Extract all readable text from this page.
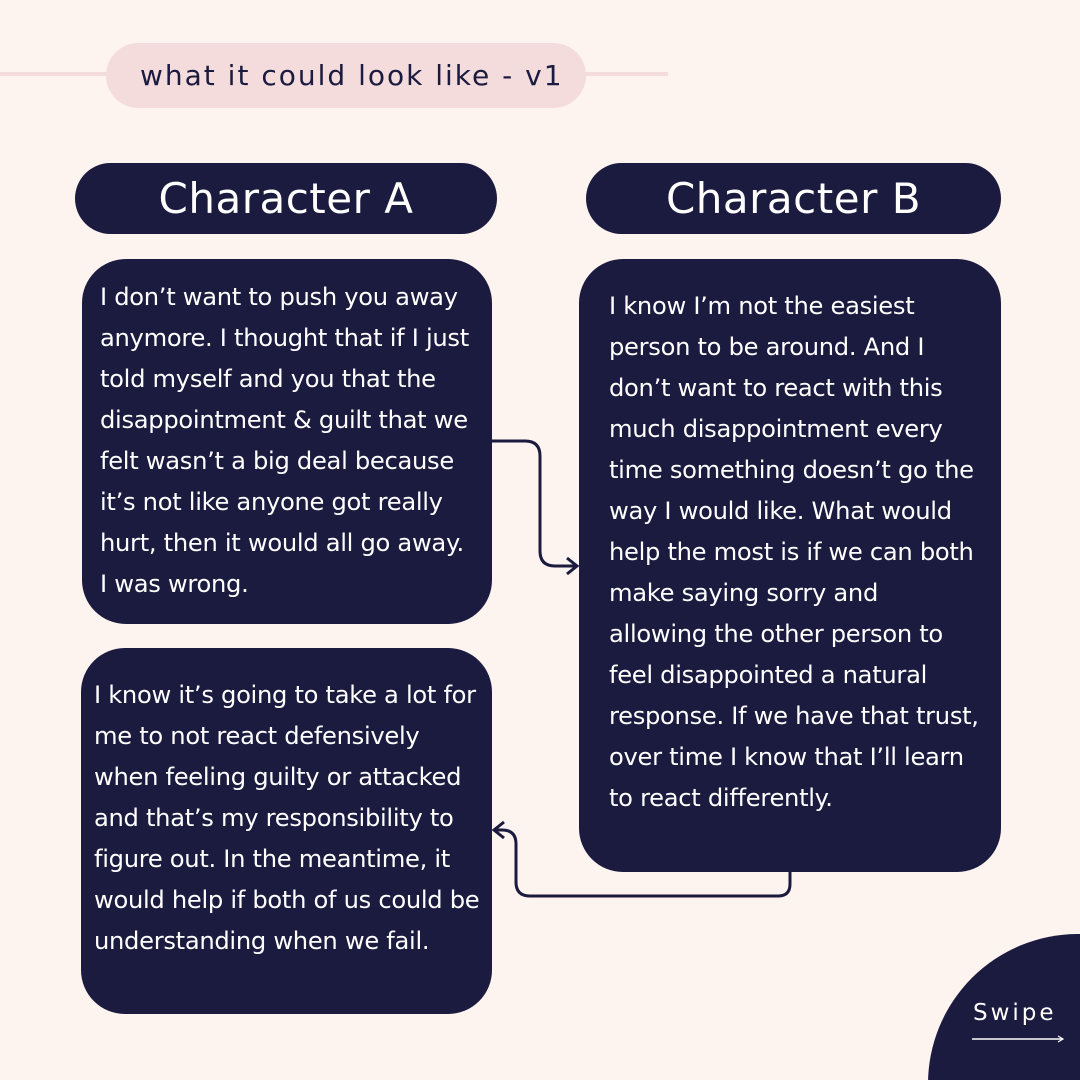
what it could look like - v1
Character A	Character B
I don’t want to push you away anymore. I thought that if I just told myself and you that the disappointment & guilt that we felt wasn’t a big deal because it’s not like anyone got really hurt, then it would all go away. I was wrong.
I know I’m not the easiest person to be around. And I don’t want to react with this much disappointment every time something doesn’t go the way I would like. What would help the most is if we can both make saying sorry and allowing the other person to feel disappointed a natural response. If we have that trust, over time I know that I’ll learn to react differently.
I know it’s going to take a lot for me to not react defensively when feeling guilty or attacked and that’s my responsibility to figure out. In the meantime, it would help if both of us could be understanding when we fail.
Swipe
